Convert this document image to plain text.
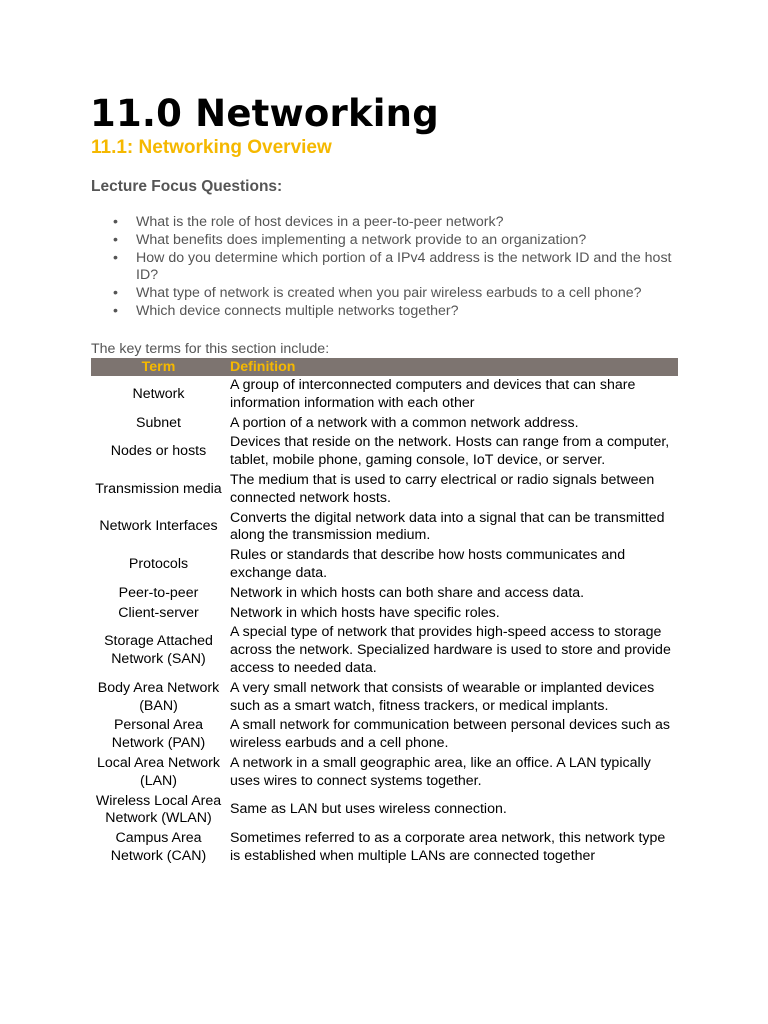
11.0 Networking
11.1: Networking Overview
Lecture Focus Questions:
• What is the role of host devices in a peer-to-peer network?
• What benefits does implementing a network provide to an organization?
• How do you determine which portion of a IPv4 address is the network ID and the host ID?
• What type of network is created when you pair wireless earbuds to a cell phone?
• Which device connects multiple networks together?
The key terms for this section include:
Term	Definition
Network	A group of interconnected computers and devices that can share information information with each other
Subnet	A portion of a network with a common network address.
Nodes or hosts	Devices that reside on the network. Hosts can range from a computer, tablet, mobile phone, gaming console, IoT device, or server.
Transmission media	The medium that is used to carry electrical or radio signals between connected network hosts.
Network Interfaces	Converts the digital network data into a signal that can be transmitted along the transmission medium.
Protocols	Rules or standards that describe how hosts communicates and exchange data.
Peer-to-peer	Network in which hosts can both share and access data.
Client-server	Network in which hosts have specific roles.
Storage Attached Network (SAN)	A special type of network that provides high-speed access to storage across the network. Specialized hardware is used to store and provide access to needed data.
Body Area Network (BAN)	A very small network that consists of wearable or implanted devices such as a smart watch, fitness trackers, or medical implants.
Personal Area Network (PAN)	A small network for communication between personal devices such as wireless earbuds and a cell phone.
Local Area Network (LAN)	A network in a small geographic area, like an office. A LAN typically uses wires to connect systems together.
Wireless Local Area Network (WLAN)	Same as LAN but uses wireless connection.
Campus Area Network (CAN)	Sometimes referred to as a corporate area network, this network type is established when multiple LANs are connected together
